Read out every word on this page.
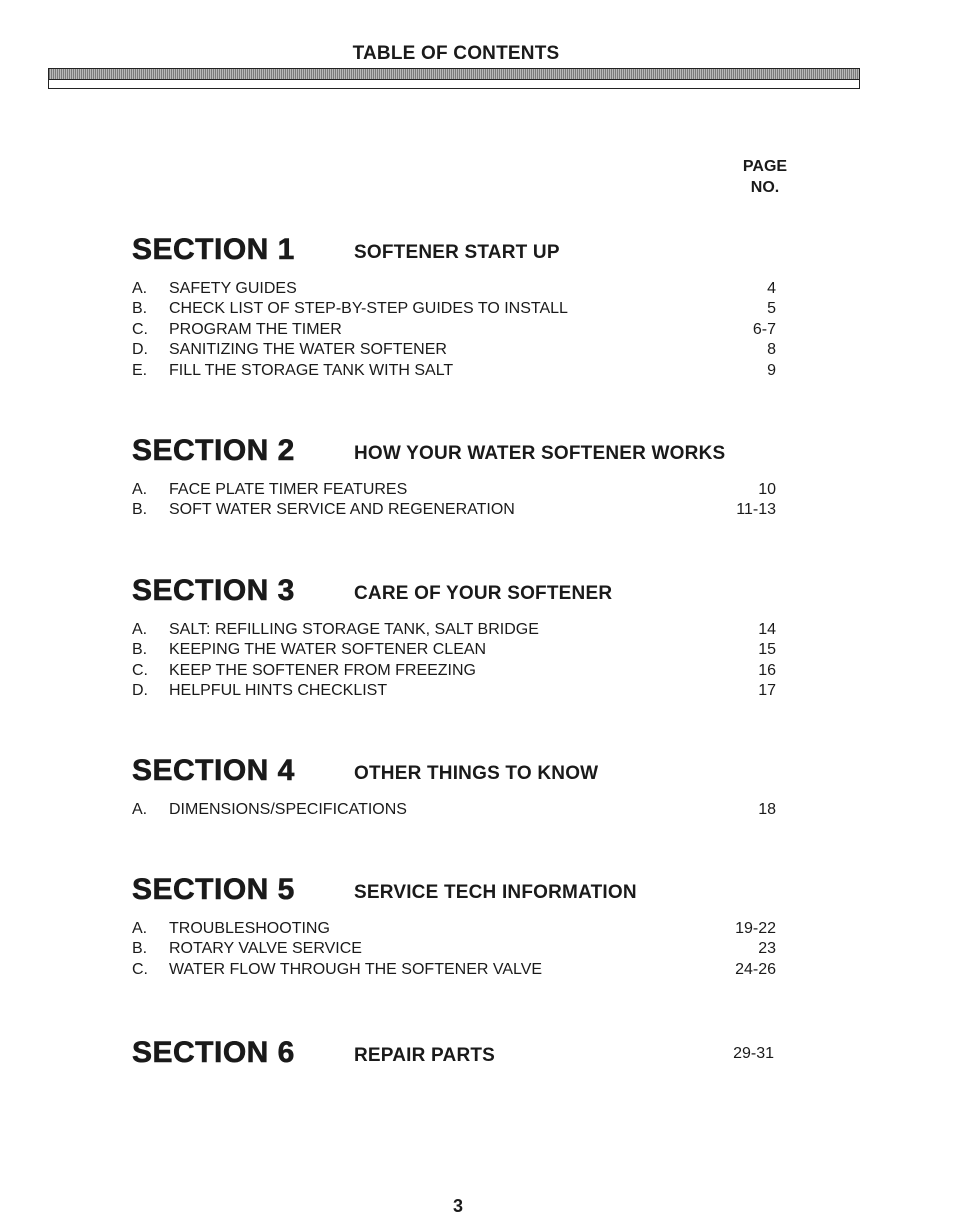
TABLE OF CONTENTS
PAGE
NO.
SECTION 1	SOFTENER START UP
A. SAFETY GUIDES	4
B. CHECK LIST OF STEP-BY-STEP GUIDES TO INSTALL	5
C. PROGRAM THE TIMER	6-7
D. SANITIZING THE WATER SOFTENER	8
E. FILL THE STORAGE TANK WITH SALT	9
SECTION 2	HOW YOUR WATER SOFTENER WORKS
A. FACE PLATE TIMER FEATURES	10
B. SOFT WATER SERVICE AND REGENERATION	11-13
SECTION 3	CARE OF YOUR SOFTENER
A. SALT: REFILLING STORAGE TANK, SALT BRIDGE	14
B. KEEPING THE WATER SOFTENER CLEAN	15
C. KEEP THE SOFTENER FROM FREEZING	16
D. HELPFUL HINTS CHECKLIST	17
SECTION 4	OTHER THINGS TO KNOW
A. DIMENSIONS/SPECIFICATIONS	18
SECTION 5	SERVICE TECH INFORMATION
A. TROUBLESHOOTING	19-22
B. ROTARY VALVE SERVICE	23
C. WATER FLOW THROUGH THE SOFTENER VALVE	24-26
SECTION 6	REPAIR PARTS	29-31
3
